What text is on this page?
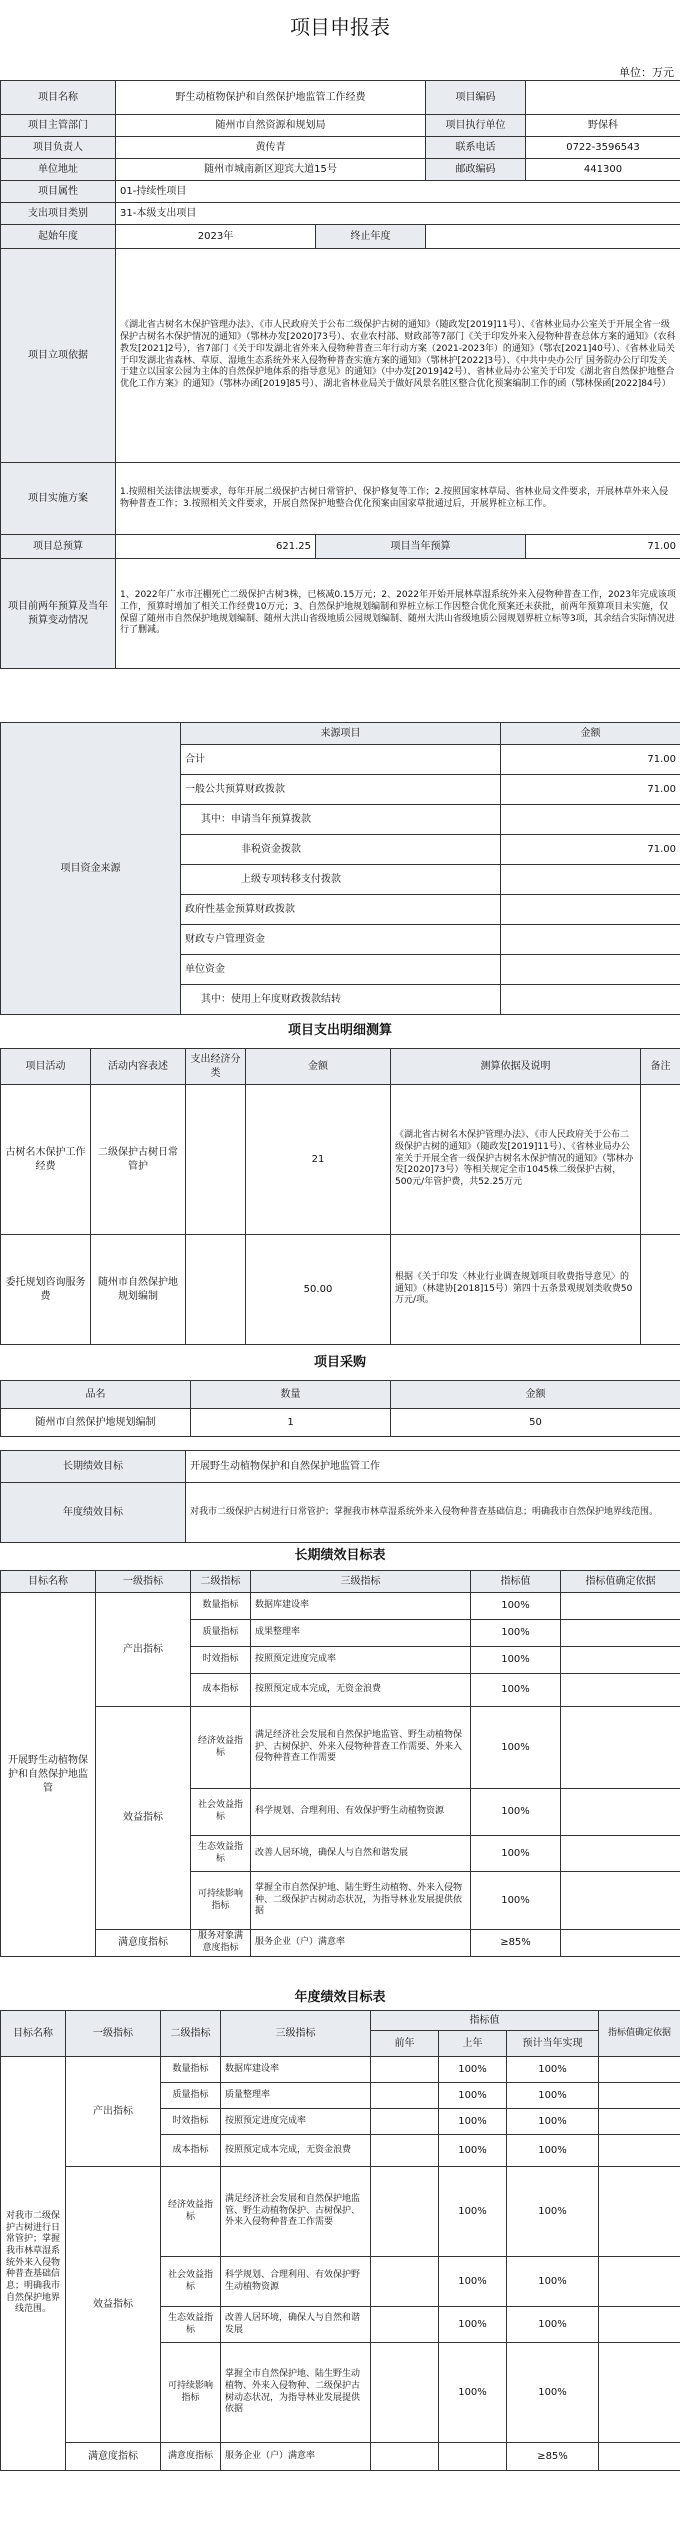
项目申报表
单位：万元
项目名称	野生动植物保护和自然保护地监管工作经费		项目编码	
项目主管部门	随州市自然资源和规划局		项目执行单位	野保科
项目负责人	黄传青		联系电话	0722-3596543
单位地址	随州市城南新区迎宾大道15号		邮政编码	441300
项目属性	01-持续性项目			
支出项目类别	31-本级支出项目			
起始年度	2023年	终止年度		
项目立项依据	《湖北省古树名木保护管理办法》、《市人民政府关于公布二级保护古树的通知》（随政发[2019]11号）、《省林业局办公室关于开展全省一级保护古树名木保护情况的通知》（鄂林办发[2020]73号）、农业农村部、财政部等7部门《关于印发外来入侵物种普查总体方案的通知》（农科教发[2021]2号），省7部门《关于印发湖北省外来入侵物种普查三年行动方案（2021-2023年）的通知》（鄂农[2021]40号）、《省林业局关于印发湖北省森林、草原、湿地生态系统外来入侵物种普查实施方案的通知》（鄂林护[2022]3号）、《中共中央办公厅 国务院办公厅印发关于建立以国家公园为主体的自然保护地体系的指导意见》的通知》（中办发[2019]42号）、省林业局办公室关于印发《湖北省自然保护地整合优化工作方案》的通知》（鄂林办函[2019]85号）、湖北省林业局关于做好风景名胜区整合优化预案编制工作的函（鄂林保函[2022]84号）			
项目实施方案	1.按照相关法律法规要求，每年开展二级保护古树日常管护、保护修复等工作；2.按照国家林草局、省林业局文件要求，开展林草外来入侵物种普查工作；3.按照相关文件要求，开展自然保护地整合优化预案由国家草批通过后，开展界桩立标工作。			
项目总预算	621.25	项目当年预算		71.00
项目前两年预算及当年预算变动情况	1、2022年广水市汪棚死亡二级保护古树3株，已核减0.15万元；2、2022年开始开展林草湿系统外来入侵物种普查工作，2023年完成该项工作，预算时增加了相关工作经费10万元；3、自然保护地规划编制和界桩立标工作因整合优化预案还未获批，前两年预算项目未实施，仅保留了随州市自然保护地规划编制、随州大洪山省级地质公园规划编制、随州大洪山省级地质公园规划界桩立标等3项，其余结合实际情况进行了删减。			
项目资金来源	来源项目	金额
	合计	71.00
	一般公共预算财政拨款	71.00
	其中：申请当年预算拨款	
	非税资金拨款	71.00
	上级专项转移支付拨款	
	政府性基金预算财政拨款	
	财政专户管理资金	
	单位资金	
	其中：使用上年度财政拨款结转	
项目支出明细测算
项目活动	活动内容表述	支出经济分类	金额	测算依据及说明	备注
古树名木保护工作经费	二级保护古树日常管护		21	《湖北省古树名木保护管理办法》、《市人民政府关于公布二级保护古树的通知》（随政发[2019]11号）、《省林业局办公室关于开展全省一级保护古树名木保护情况的通知》（鄂林办发[2020]73号）等相关规定全市1045株二级保护古树，500元/年管护费，共52.25万元	
委托规划咨询服务费	随州市自然保护地规划编制		50.00	根据《关于印发〈林业行业调查规划项目收费指导意见〉的通知》（林建协[2018]15号）第四十五条景观规划类收费50万元/项。	
项目采购
品名	数量	金额
随州市自然保护地规划编制	1	50
长期绩效目标	开展野生动植物保护和自然保护地监管工作
年度绩效目标	对我市二级保护古树进行日常管护；掌握我市林草湿系统外来入侵物种普查基础信息；明确我市自然保护地界线范围。
长期绩效目标表
目标名称	一级指标	二级指标	三级指标	指标值	指标值确定依据
开展野生动植物保护和自然保护地监管	产出指标	数量指标	数据库建设率	100%	
		质量指标	成果整理率	100%	
		时效指标	按照预定进度完成率	100%	
		成本指标	按照预定成本完成，无资金浪费	100%	
	效益指标	经济效益指标	满足经济社会发展和自然保护地监管、野生动植物保护、古树保护、外来入侵物种普查工作需要、外来入侵物种普查工作需要	100%	
		社会效益指标	科学规划、合理利用、有效保护野生动植物资源	100%	
		生态效益指标	改善人居环境，确保人与自然和谐发展	100%	
		可持续影响指标	掌握全市自然保护地、陆生野生动植物、外来入侵物种、二级保护古树动态状况，为指导林业发展提供依据	100%	
	满意度指标	服务对象满意度指标	服务企业（户）满意率	≥85%	
年度绩效目标表
目标名称	一级指标	二级指标	三级指标	指标值			指标值确定依据
				前年	上年	预计当年实现	
对我市二级保护古树进行日常管护；掌握我市林草湿系统外来入侵物种普查基础信息；明确我市自然保护地界线范围。	产出指标	数量指标	数据库建设率		100%	100%	
		质量指标	质量整理率		100%	100%	
		时效指标	按照预定进度完成率		100%	100%	
		成本指标	按照预定成本完成，无资金浪费		100%	100%	
	效益指标	经济效益指标	满足经济社会发展和自然保护地监管、野生动植物保护、古树保护、外来入侵物种普查工作需要		100%	100%	
		社会效益指标	科学规划、合理利用、有效保护野生动植物资源		100%	100%	
		生态效益指标	改善人居环境，确保人与自然和谐发展		100%	100%	
		可持续影响指标	掌握全市自然保护地、陆生野生动植物、外来入侵物种、二级保护古树动态状况，为指导林业发展提供依据		100%	100%	
	满意度指标	满意度指标	服务企业（户）满意率			≥85%	
